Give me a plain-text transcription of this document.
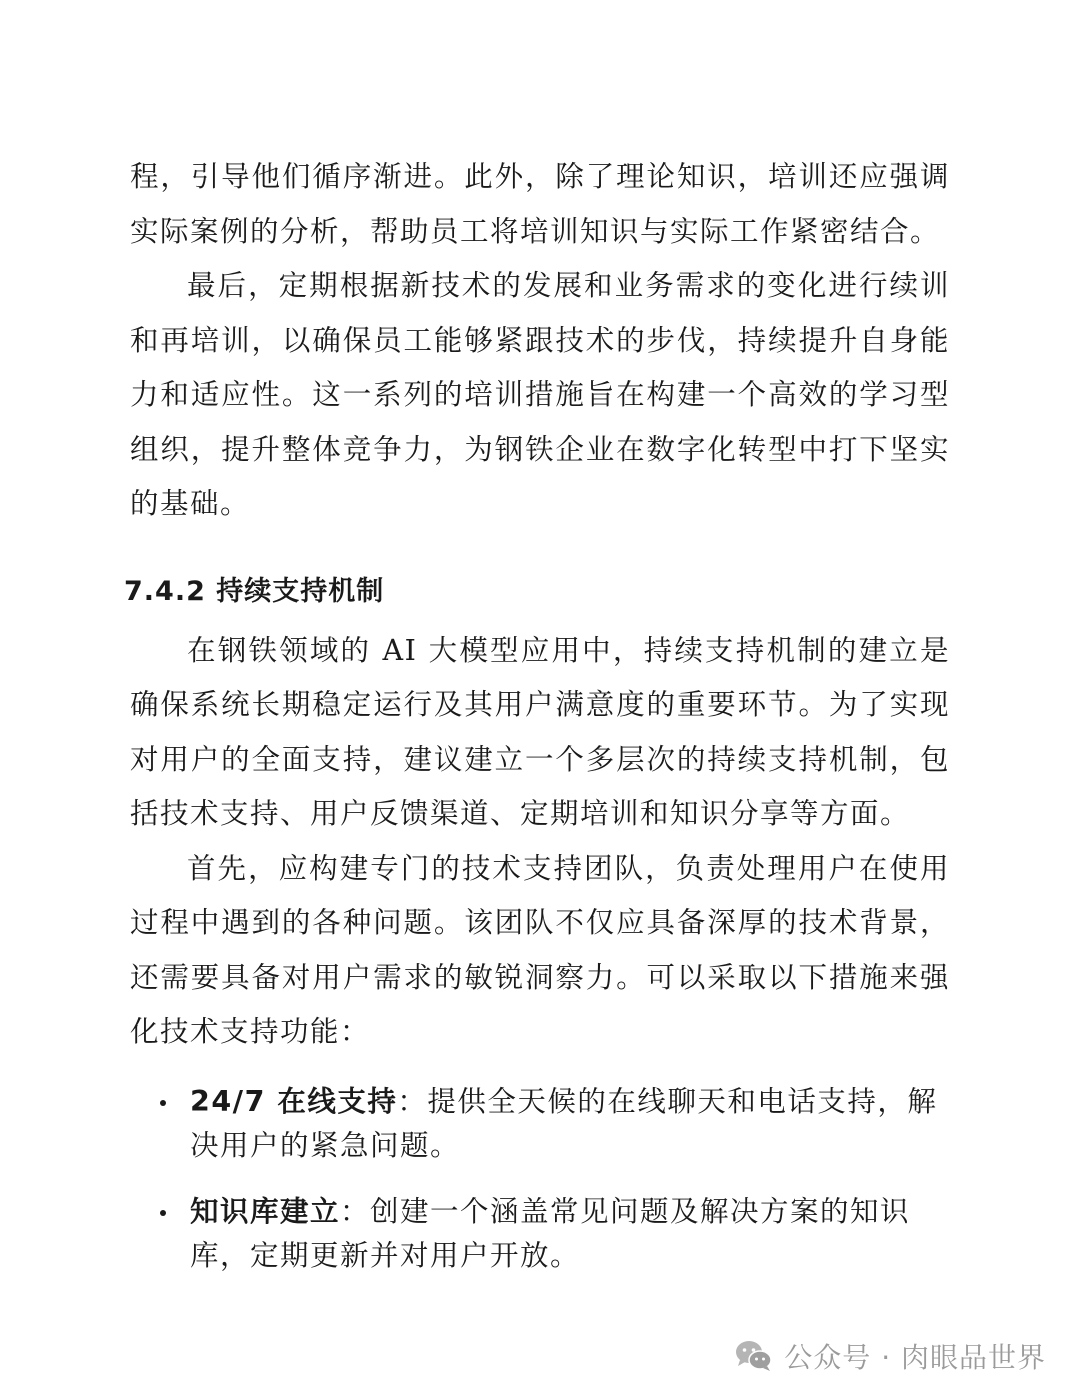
程，引导他们循序渐进。此外，除了理论知识，培训还应强调实际案例的分析，帮助员工将培训知识与实际工作紧密结合。

最后，定期根据新技术的发展和业务需求的变化进行续训和再培训，以确保员工能够紧跟技术的步伐，持续提升自身能力和适应性。这一系列的培训措施旨在构建一个高效的学习型组织，提升整体竞争力，为钢铁企业在数字化转型中打下坚实的基础。

7.4.2 持续支持机制

在钢铁领域的 AI 大模型应用中，持续支持机制的建立是确保系统长期稳定运行及其用户满意度的重要环节。为了实现对用户的全面支持，建议建立一个多层次的持续支持机制，包括技术支持、用户反馈渠道、定期培训和知识分享等方面。

首先，应构建专门的技术支持团队，负责处理用户在使用过程中遇到的各种问题。该团队不仅应具备深厚的技术背景，还需要具备对用户需求的敏锐洞察力。可以采取以下措施来强化技术支持功能：

24/7 在线支持：提供全天候的在线聊天和电话支持，解决用户的紧急问题。
知识库建立：创建一个涵盖常见问题及解决方案的知识库，定期更新并对用户开放。
公众号 · 肉眼品世界
